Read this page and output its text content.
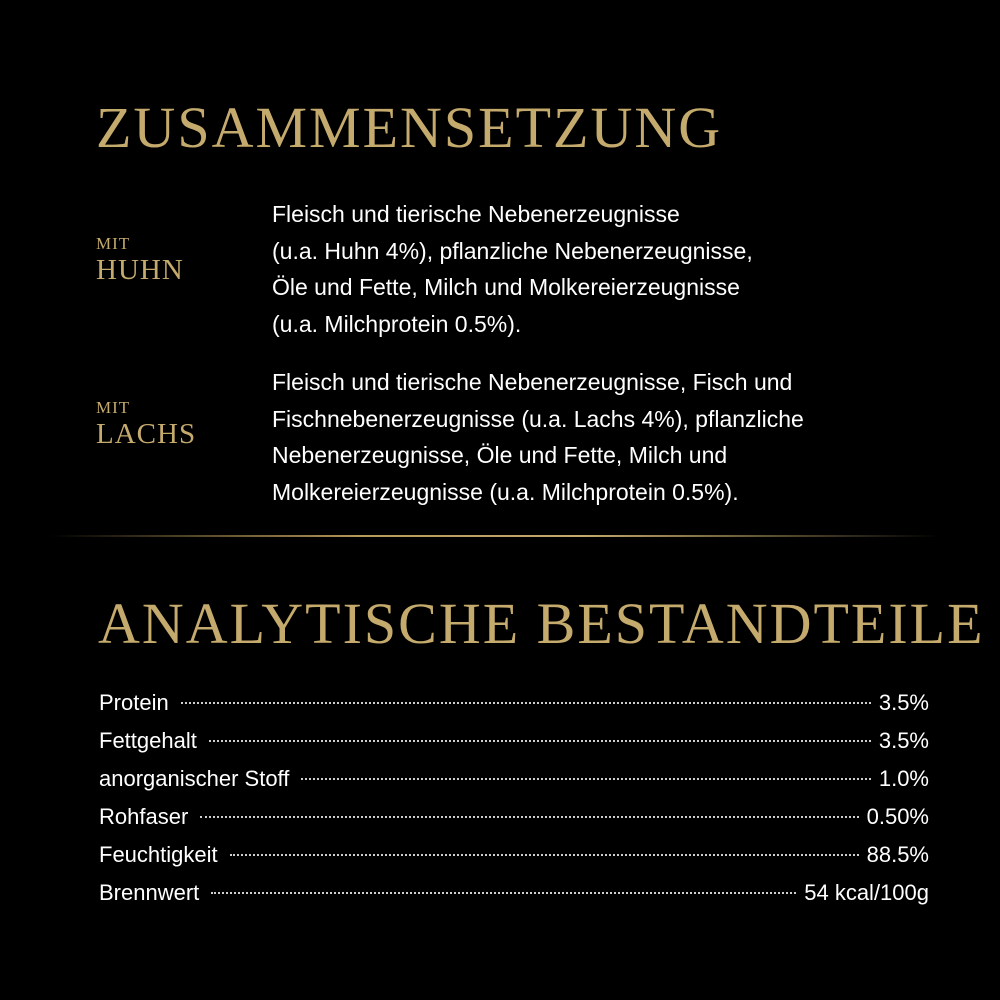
ZUSAMMENSETZUNG
MIT
HUHN
Fleisch und tierische Nebenerzeugnisse
(u.a. Huhn 4%), pflanzliche Nebenerzeugnisse,
Öle und Fette, Milch und Molkereierzeugnisse
(u.a. Milchprotein 0.5%).
MIT
LACHS
Fleisch und tierische Nebenerzeugnisse, Fisch und
Fischnebenerzeugnisse (u.a. Lachs 4%), pflanzliche
Nebenerzeugnisse, Öle und Fette, Milch und
Molkereierzeugnisse (u.a. Milchprotein 0.5%).
ANALYTISCHE BESTANDTEILE
Protein	3.5%
Fettgehalt	3.5%
anorganischer Stoff	1.0%
Rohfaser	0.50%
Feuchtigkeit	88.5%
Brennwert	54 kcal/100g
